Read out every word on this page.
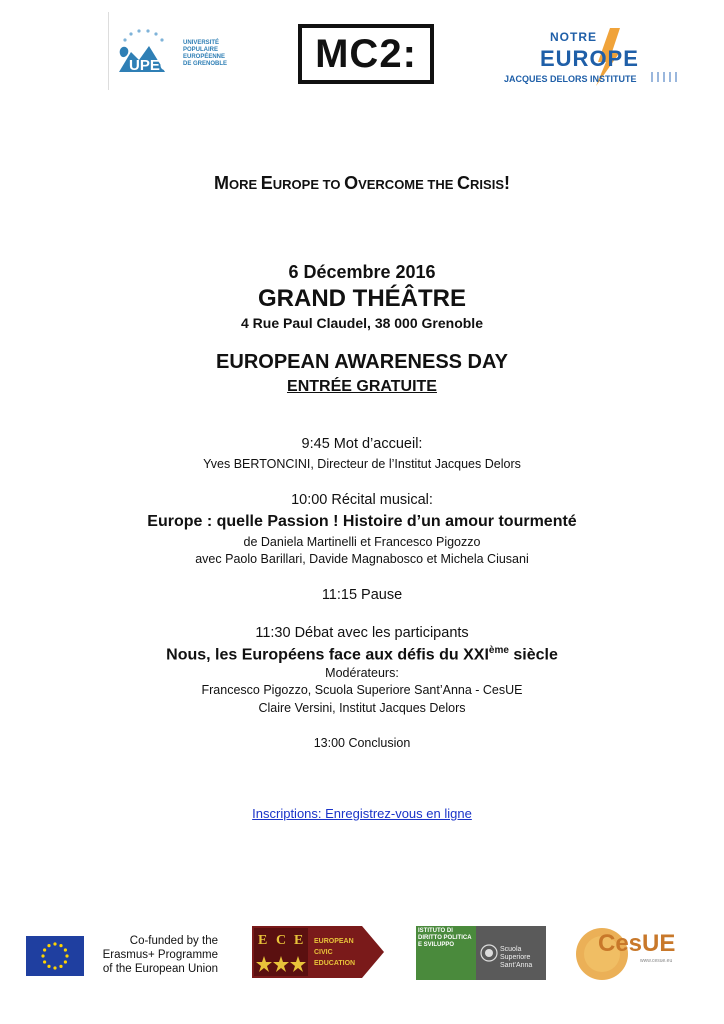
UPEG
UNIVERSITÉ
POPULAIRE
EUROPÉENNE
DE GRENOBLE	MC2:	NOTRE
EUROPE
JACQUES DELORS INSTITUTE
MORE EUROPE TO OVERCOME THE CRISIS!
6 Décembre 2016
GRAND THÉÂTRE
4 Rue Paul Claudel, 38 000 Grenoble
EUROPEAN AWARENESS DAY
ENTRÉE GRATUITE
9:45 Mot d’accueil:
Yves BERTONCINI, Directeur de l’Institut Jacques Delors
10:00 Récital musical:
Europe : quelle Passion ! Histoire d’un amour tourmenté
de Daniela Martinelli et Francesco Pigozzo
avec Paolo Barillari, Davide Magnabosco et Michela Ciusani
11:15 Pause
11:30 Débat avec les participants
Nous, les Européens face aux défis du XXIème siècle
Modérateurs:
Francesco Pigozzo, Scuola Superiore Sant’Anna - CesUE
Claire Versini, Institut Jacques Delors
13:00 Conclusion
Inscriptions: Enregistrez-vous en ligne
Co-funded by the
Erasmus+ Programme
of the European Union
E C E EUROPEAN
CIVIC
EDUCATION
ISTITUTO DI DIRITTO POLITICA E SVILUPPO
Scuola Superiore Sant’Anna
CesUE
www.cesue.eu
